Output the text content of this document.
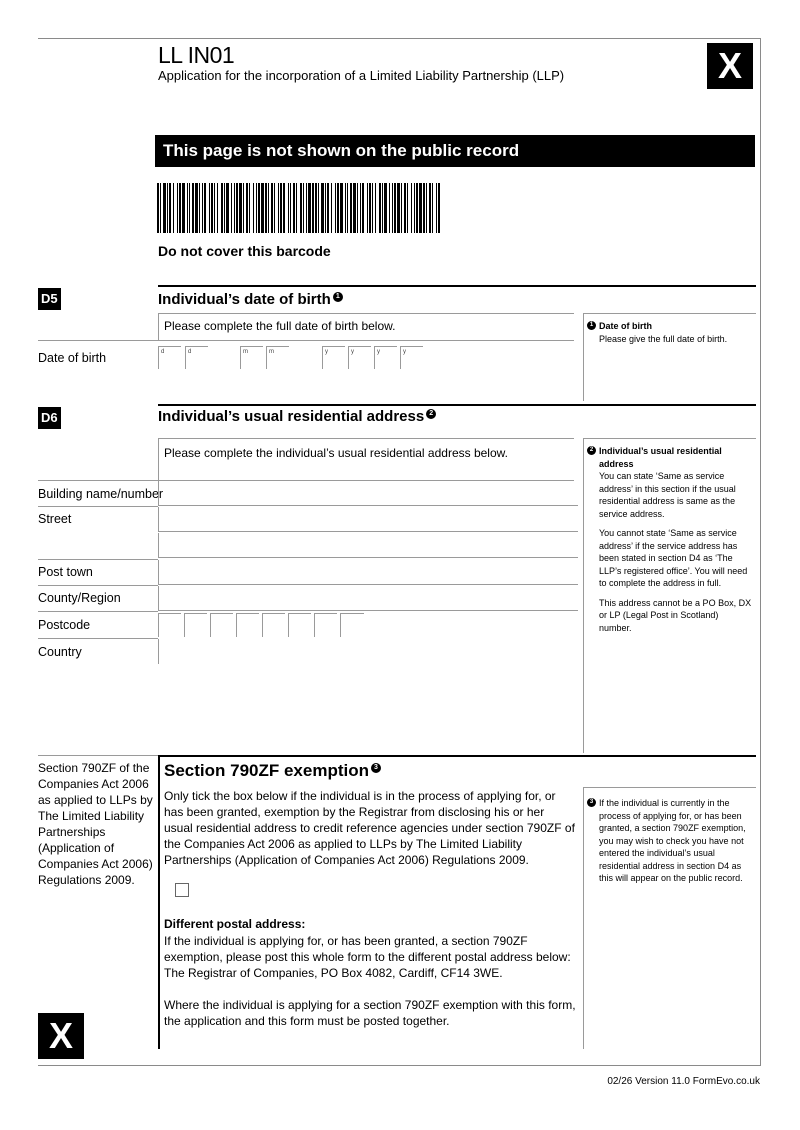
LL IN01
Application for the incorporation of a Limited Liability Partnership (LLP)	X
This page is not shown on the public record
Do not cover this barcode
D5	Individual’s date of birth 1
Please complete the full date of birth below.
Date of birth	d	d	m	m	y	y	y	y

1 Date of birth

Please give the full date of birth.

D6	Individual’s usual residential address 2
Please complete the individual’s usual residential address below.
Building name/number
Street
Post town
County/Region
Postcode
Country

2 Individual’s usual residential address

You can state ‘Same as service address’ in this section if the usual residential address is same as the service address.

You cannot state ‘Same as service address’ if the service address has been stated in section D4 as ‘The LLP’s registered office’. You will need to complete the address in full.

This address cannot be a PO Box, DX or LP (Legal Post in Scotland) number.

Section 790ZF of the Companies Act 2006 as applied to LLPs by The Limited Liability Partnerships (Application of Companies Act 2006) Regulations 2009.
Section 790ZF exemption 3
Only tick the box below if the individual is in the process of applying for, or has been granted, exemption by the Registrar from disclosing his or her usual residential address to credit reference agencies under section 790ZF of the Companies Act 2006 as applied to LLPs by The Limited Liability Partnerships (Application of Companies Act 2006) Regulations 2009.
Different postal address:
If the individual is applying for, or has been granted, a section 790ZF exemption, please post this whole form to the different postal address below:
The Registrar of Companies, PO Box 4082, Cardiff, CF14 3WE.
Where the individual is applying for a section 790ZF exemption with this form, the application and this form must be posted together.

3 If the individual is currently in the process of applying for, or has been granted, a section 790ZF exemption, you may wish to check you have not entered the individual’s usual residential address in section D4 as this will appear on the public record.

X
02/26 Version 11.0 FormEvo.co.uk
